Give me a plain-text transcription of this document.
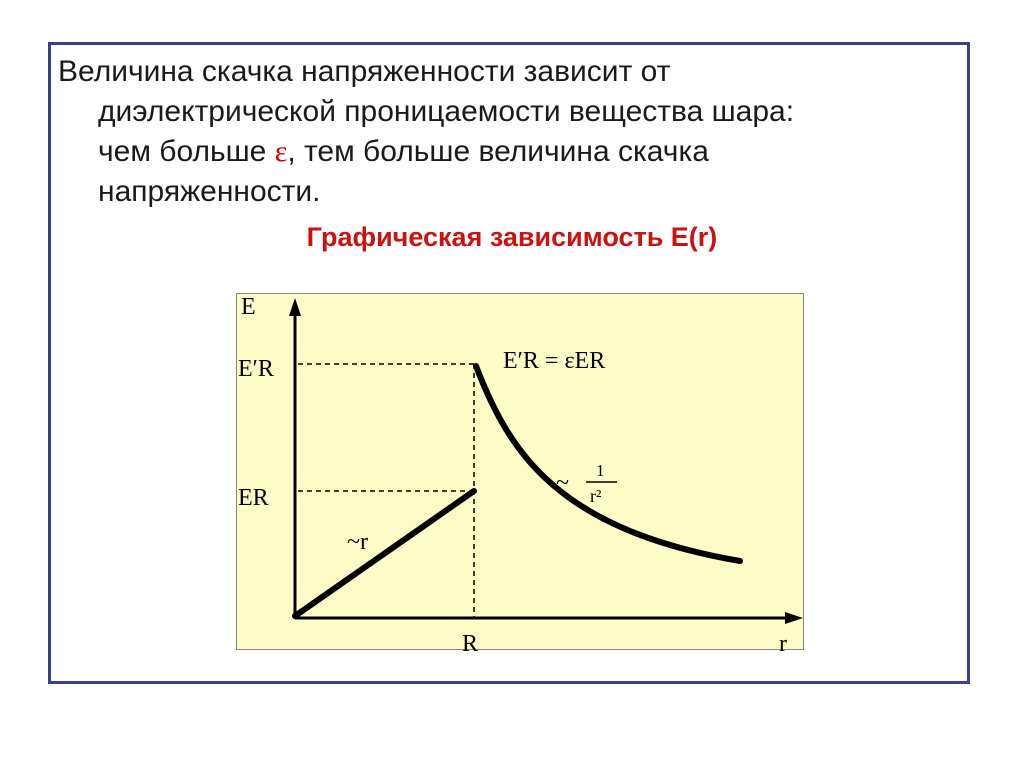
Величина скачка напряженности зависит от
диэлектрической проницаемости вещества шара:
чем больше ε, тем больше величина скачка
напряженности.
Графическая зависимость E(r)
E
r
E′R
ER
R
E′R = εER
~r
~ 1
r²
